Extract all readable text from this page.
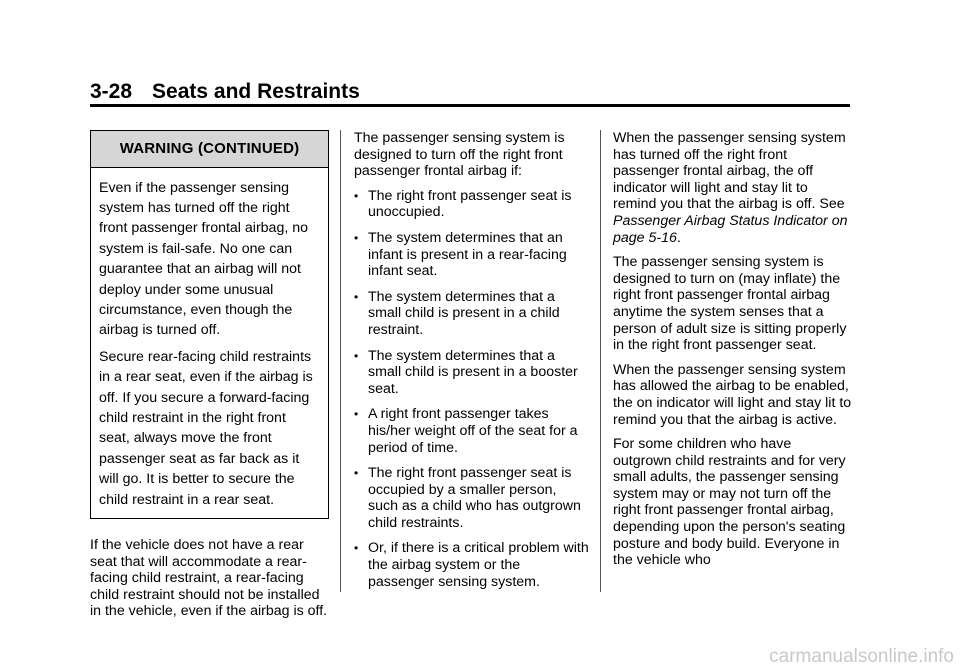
3-28 Seats and Restraints
WARNING (CONTINUED)

Even if the passenger sensing system has turned off the right front passenger frontal airbag, no system is fail-safe. No one can guarantee that an airbag will not deploy under some unusual circumstance, even though the airbag is turned off.

Secure rear-facing child restraints in a rear seat, even if the airbag is off. If you secure a forward-facing child restraint in the right front seat, always move the front passenger seat as far back as it will go. It is better to secure the child restraint in a rear seat.

If the vehicle does not have a rear seat that will accommodate a rear-facing child restraint, a rear-facing child restraint should not be installed in the vehicle, even if the airbag is off.

The passenger sensing system is designed to turn off the right front passenger frontal airbag if:

• The right front passenger seat is unoccupied.
• The system determines that an infant is present in a rear-facing infant seat.
• The system determines that a small child is present in a child restraint.
• The system determines that a small child is present in a booster seat.
• A right front passenger takes his/her weight off of the seat for a period of time.
• The right front passenger seat is occupied by a smaller person, such as a child who has outgrown child restraints.
• Or, if there is a critical problem with the airbag system or the passenger sensing system.

When the passenger sensing system has turned off the right front passenger frontal airbag, the off indicator will light and stay lit to remind you that the airbag is off. See Passenger Airbag Status Indicator on page 5-16.

The passenger sensing system is designed to turn on (may inflate) the right front passenger frontal airbag anytime the system senses that a person of adult size is sitting properly in the right front passenger seat.

When the passenger sensing system has allowed the airbag to be enabled, the on indicator will light and stay lit to remind you that the airbag is active.

For some children who have outgrown child restraints and for very small adults, the passenger sensing system may or may not turn off the right front passenger frontal airbag, depending upon the person's seating posture and body build. Everyone in the vehicle who

carmanualsonline.info
